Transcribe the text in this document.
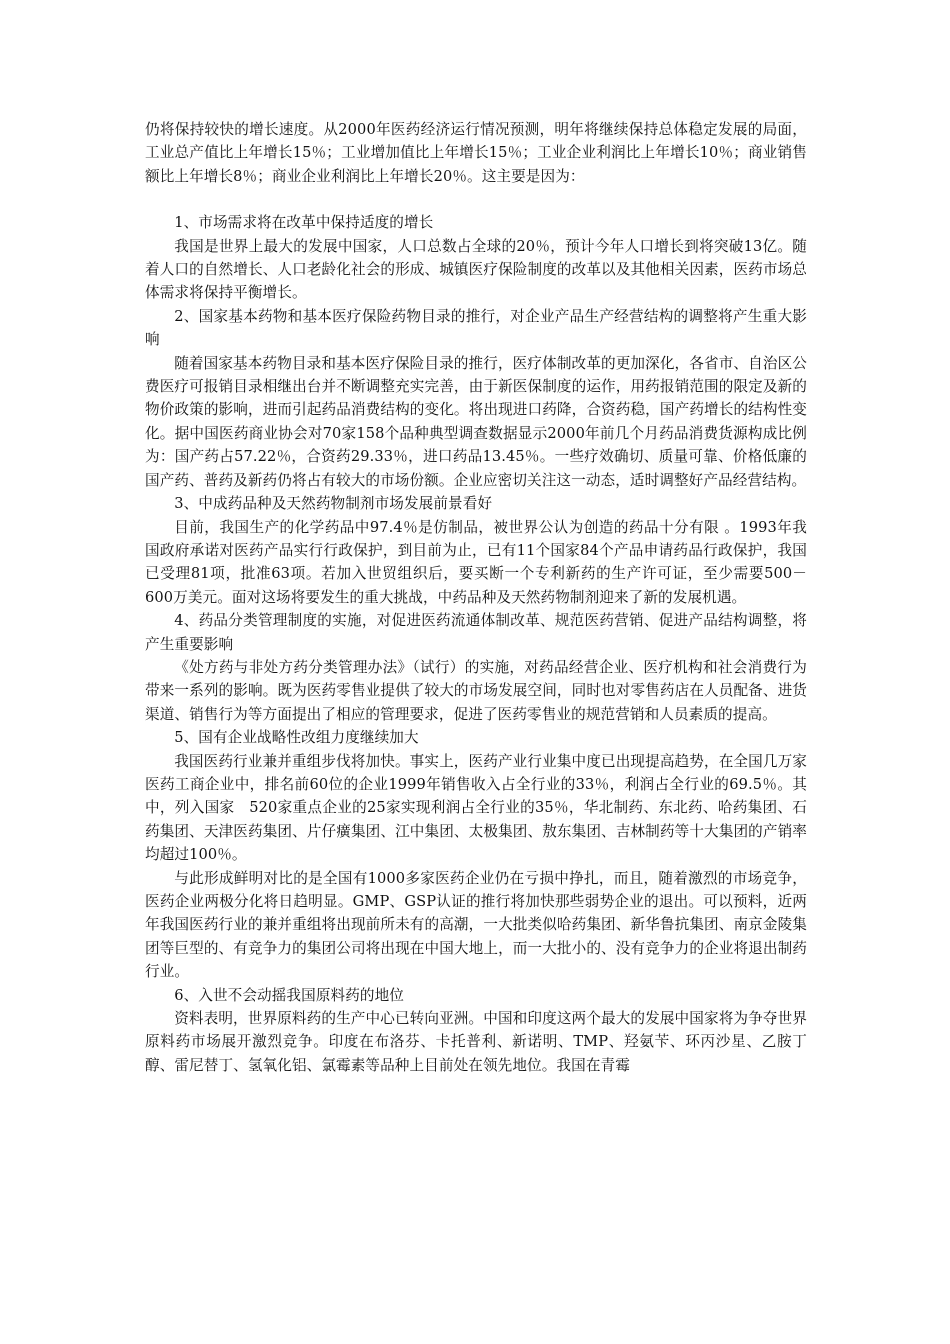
仍将保持较快的增长速度。从2000年医药经济运行情况预测，明年将继续保持总体稳定发展的局面，工业总产值比上年增长15％；工业增加值比上年增长15％；工业企业利润比上年增长10％；商业销售额比上年增长8％；商业企业利润比上年增长20％。这主要是因为：

1、市场需求将在改革中保持适度的增长

我国是世界上最大的发展中国家，人口总数占全球的20％，预计今年人口增长到将突破13亿。随着人口的自然增长、人口老龄化社会的形成、城镇医疗保险制度的改革以及其他相关因素，医药市场总体需求将保持平衡增长。

2、国家基本药物和基本医疗保险药物目录的推行，对企业产品生产经营结构的调整将产生重大影响

随着国家基本药物目录和基本医疗保险目录的推行，医疗体制改革的更加深化，各省市、自治区公费医疗可报销目录相继出台并不断调整充实完善，由于新医保制度的运作，用药报销范围的限定及新的物价政策的影响，进而引起药品消费结构的变化。将出现进口药降，合资药稳，国产药增长的结构性变化。据中国医药商业协会对70家158个品种典型调查数据显示2000年前几个月药品消费货源构成比例为：国产药占57.22％，合资药29.33％，进口药品13.45％。一些疗效确切、质量可靠、价格低廉的国产药、普药及新药仍将占有较大的市场份额。企业应密切关注这一动态，适时调整好产品经营结构。

3、中成药品种及天然药物制剂市场发展前景看好

目前，我国生产的化学药品中97.4％是仿制品，被世界公认为创造的药品十分有限 。1993年我国政府承诺对医药产品实行行政保护，到目前为止，已有11个国家84个产品申请药品行政保护，我国已受理81项，批准63项。若加入世贸组织后，要买断一个专利新药的生产许可证，至少需要500－600万美元。面对这场将要发生的重大挑战，中药品种及天然药物制剂迎来了新的发展机遇。

4、药品分类管理制度的实施，对促进医药流通体制改革、规范医药营销、促进产品结构调整，将产生重要影响

《处方药与非处方药分类管理办法》（试行）的实施，对药品经营企业、医疗机构和社会消费行为带来一系列的影响。既为医药零售业提供了较大的市场发展空间，同时也对零售药店在人员配备、进货渠道、销售行为等方面提出了相应的管理要求，促进了医药零售业的规范营销和人员素质的提高。

5、国有企业战略性改组力度继续加大

我国医药行业兼并重组步伐将加快。事实上，医药产业行业集中度已出现提高趋势，在全国几万家医药工商企业中，排名前60位的企业1999年销售收入占全行业的33％，利润占全行业的69.5％。其中，列入国家　520家重点企业的25家实现利润占全行业的35％，华北制药、东北药、哈药集团、石药集团、天津医药集团、片仔癀集团、江中集团、太极集团、敖东集团、吉林制药等十大集团的产销率均超过100％。

与此形成鲜明对比的是全国有1000多家医药企业仍在亏损中挣扎，而且，随着激烈的市场竞争，医药企业两极分化将日趋明显。GMP、GSP认证的推行将加快那些弱势企业的退出。可以预料，近两年我国医药行业的兼并重组将出现前所未有的高潮，一大批类似哈药集团、新华鲁抗集团、南京金陵集团等巨型的、有竞争力的集团公司将出现在中国大地上，而一大批小的、没有竞争力的企业将退出制药行业。

6、入世不会动摇我国原料药的地位

资料表明，世界原料药的生产中心已转向亚洲。中国和印度这两个最大的发展中国家将为争夺世界原料药市场展开激烈竞争。印度在布洛芬、卡托普利、新诺明、TMP、羟氨苄、环丙沙星、乙胺丁醇、雷尼替丁、氢氧化铝、氯霉素等品种上目前处在领先地位。我国在青霉
